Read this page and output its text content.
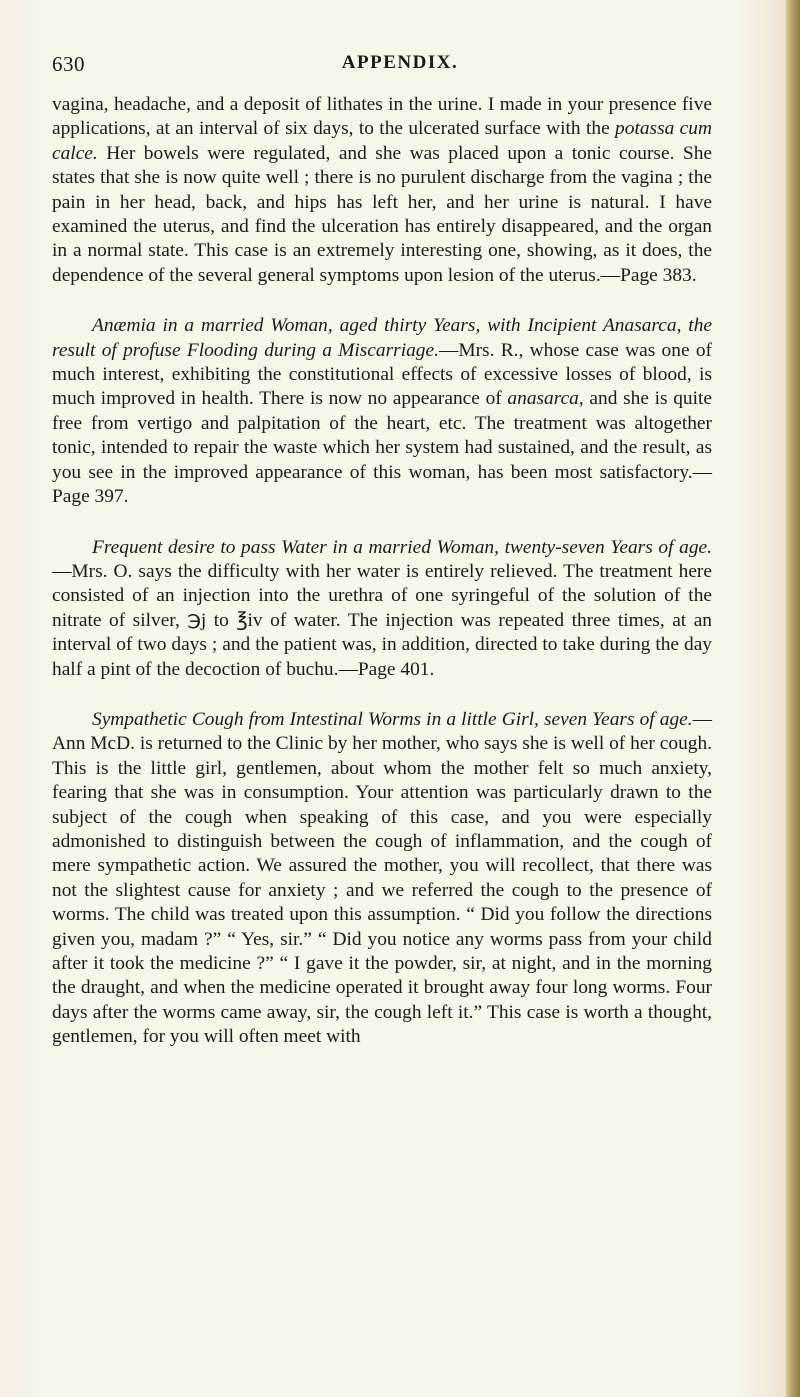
630	APPENDIX.

vagina, headache, and a deposit of lithates in the urine. I made in your presence five applications, at an interval of six days, to the ulcerated surface with the potassa cum calce. Her bowels were regulated, and she was placed upon a tonic course. She states that she is now quite well ; there is no purulent discharge from the vagina ; the pain in her head, back, and hips has left her, and her urine is natural. I have examined the uterus, and find the ulceration has entirely disappeared, and the organ in a normal state. This case is an extremely interesting one, showing, as it does, the dependence of the several general symptoms upon lesion of the uterus.—Page 383.

Anæmia in a married Woman, aged thirty Years, with Incipient Anasarca, the result of profuse Flooding during a Miscarriage.—Mrs. R., whose case was one of much interest, exhibiting the constitutional effects of excessive losses of blood, is much improved in health. There is now no appearance of anasarca, and she is quite free from vertigo and palpitation of the heart, etc. The treatment was altogether tonic, intended to repair the waste which her system had sustained, and the result, as you see in the improved appearance of this woman, has been most satisfactory.—Page 397.

Frequent desire to pass Water in a married Woman, twenty-seven Years of age.—Mrs. O. says the difficulty with her water is entirely relieved. The treatment here consisted of an injection into the urethra of one syringeful of the solution of the nitrate of silver, ℈j to ℥iv of water. The injection was repeated three times, at an interval of two days ; and the patient was, in addition, directed to take during the day half a pint of the decoction of buchu.—Page 401.

Sympathetic Cough from Intestinal Worms in a little Girl, seven Years of age.—Ann McD. is returned to the Clinic by her mother, who says she is well of her cough. This is the little girl, gentlemen, about whom the mother felt so much anxiety, fearing that she was in consumption. Your attention was particularly drawn to the subject of the cough when speaking of this case, and you were especially admonished to distinguish between the cough of inflammation, and the cough of mere sympathetic action. We assured the mother, you will recollect, that there was not the slightest cause for anxiety ; and we referred the cough to the presence of worms. The child was treated upon this assumption. “ Did you follow the directions given you, madam ?” “ Yes, sir.” “ Did you notice any worms pass from your child after it took the medicine ?” “ I gave it the powder, sir, at night, and in the morning the draught, and when the medicine operated it brought away four long worms. Four days after the worms came away, sir, the cough left it.” This case is worth a thought, gentlemen, for you will often meet with
